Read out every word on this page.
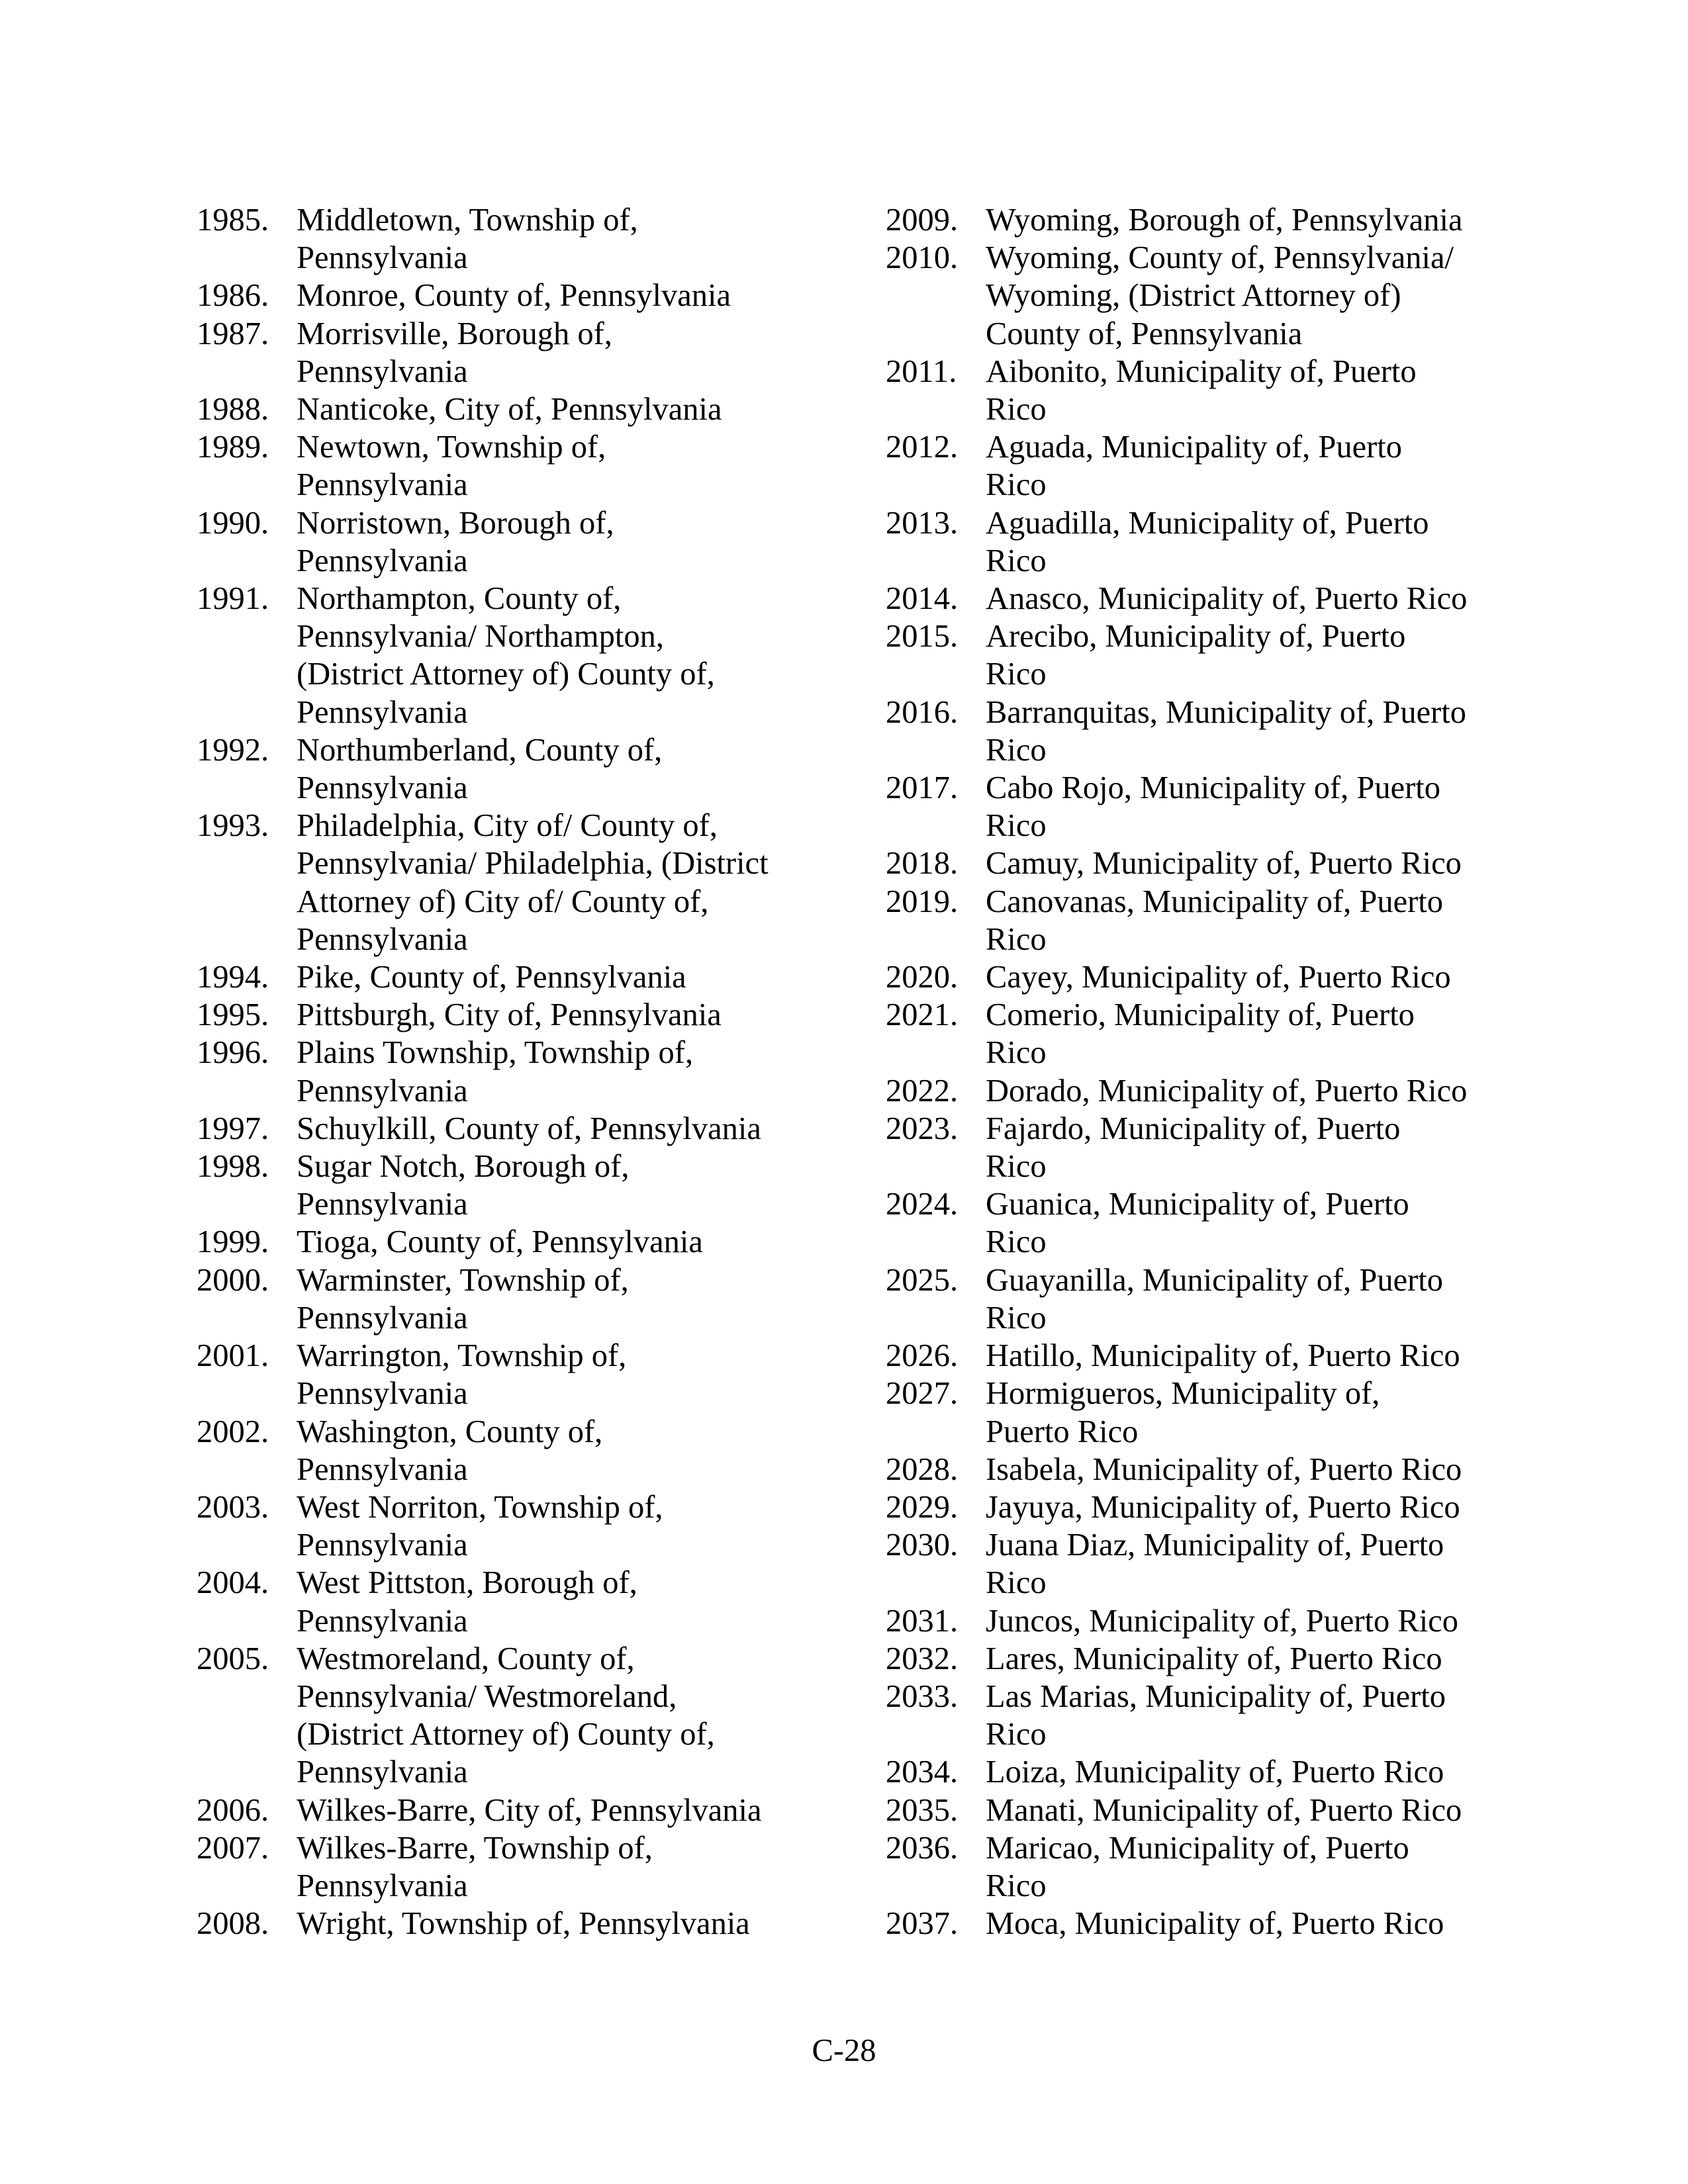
1985. Middletown, Township of,
Pennsylvania
1986. Monroe, County of, Pennsylvania
1987. Morrisville, Borough of,
Pennsylvania
1988. Nanticoke, City of, Pennsylvania
1989. Newtown, Township of,
Pennsylvania
1990. Norristown, Borough of,
Pennsylvania
1991. Northampton, County of,
Pennsylvania/ Northampton,
(District Attorney of) County of,
Pennsylvania
1992. Northumberland, County of,
Pennsylvania
1993. Philadelphia, City of/ County of,
Pennsylvania/ Philadelphia, (District
Attorney of) City of/ County of,
Pennsylvania
1994. Pike, County of, Pennsylvania
1995. Pittsburgh, City of, Pennsylvania
1996. Plains Township, Township of,
Pennsylvania
1997. Schuylkill, County of, Pennsylvania
1998. Sugar Notch, Borough of,
Pennsylvania
1999. Tioga, County of, Pennsylvania
2000. Warminster, Township of,
Pennsylvania
2001. Warrington, Township of,
Pennsylvania
2002. Washington, County of,
Pennsylvania
2003. West Norriton, Township of,
Pennsylvania
2004. West Pittston, Borough of,
Pennsylvania
2005. Westmoreland, County of,
Pennsylvania/ Westmoreland,
(District Attorney of) County of,
Pennsylvania
2006. Wilkes-Barre, City of, Pennsylvania
2007. Wilkes-Barre, Township of,
Pennsylvania
2008. Wright, Township of, Pennsylvania
2009. Wyoming, Borough of, Pennsylvania
2010. Wyoming, County of, Pennsylvania/
Wyoming, (District Attorney of)
County of, Pennsylvania
2011. Aibonito, Municipality of, Puerto
Rico
2012. Aguada, Municipality of, Puerto
Rico
2013. Aguadilla, Municipality of, Puerto
Rico
2014. Anasco, Municipality of, Puerto Rico
2015. Arecibo, Municipality of, Puerto
Rico
2016. Barranquitas, Municipality of, Puerto
Rico
2017. Cabo Rojo, Municipality of, Puerto
Rico
2018. Camuy, Municipality of, Puerto Rico
2019. Canovanas, Municipality of, Puerto
Rico
2020. Cayey, Municipality of, Puerto Rico
2021. Comerio, Municipality of, Puerto
Rico
2022. Dorado, Municipality of, Puerto Rico
2023. Fajardo, Municipality of, Puerto
Rico
2024. Guanica, Municipality of, Puerto
Rico
2025. Guayanilla, Municipality of, Puerto
Rico
2026. Hatillo, Municipality of, Puerto Rico
2027. Hormigueros, Municipality of,
Puerto Rico
2028. Isabela, Municipality of, Puerto Rico
2029. Jayuya, Municipality of, Puerto Rico
2030. Juana Diaz, Municipality of, Puerto
Rico
2031. Juncos, Municipality of, Puerto Rico
2032. Lares, Municipality of, Puerto Rico
2033. Las Marias, Municipality of, Puerto
Rico
2034. Loiza, Municipality of, Puerto Rico
2035. Manati, Municipality of, Puerto Rico
2036. Maricao, Municipality of, Puerto
Rico
2037. Moca, Municipality of, Puerto Rico
C-28
